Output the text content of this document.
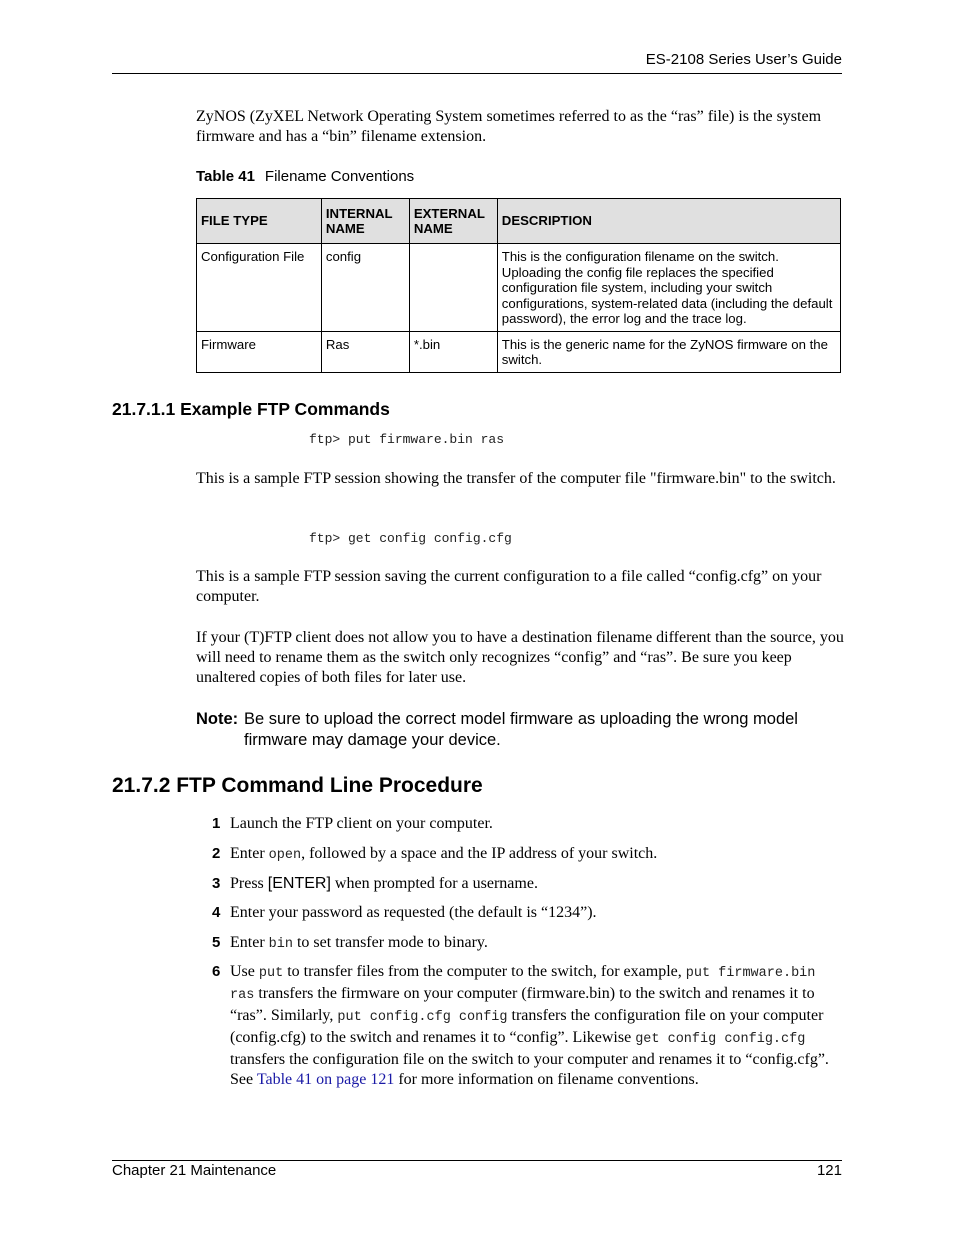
ES-2108 Series User’s Guide
ZyNOS (ZyXEL Network Operating System sometimes referred to as the “ras” file) is the system firmware and has a “bin” filename extension.
Table 41 Filename Conventions
FILE TYPE	INTERNAL NAME	EXTERNAL NAME	DESCRIPTION
Configuration File	config		This is the configuration filename on the switch. Uploading the config file replaces the specified configuration file system, including your switch configurations, system-related data (including the default password), the error log and the trace log.
Firmware	Ras	*.bin	This is the generic name for the ZyNOS firmware on the switch.
21.7.1.1 Example FTP Commands
ftp> put firmware.bin ras
This is a sample FTP session showing the transfer of the computer file "firmware.bin" to the switch.
ftp> get config config.cfg
This is a sample FTP session saving the current configuration to a file called “config.cfg” on your computer.
If your (T)FTP client does not allow you to have a destination filename different than the source, you will need to rename them as the switch only recognizes “config” and “ras”. Be sure you keep unaltered copies of both files for later use.
Note: Be sure to upload the correct model firmware as uploading the wrong model firmware may damage your device.
21.7.2 FTP Command Line Procedure
1 Launch the FTP client on your computer.
2 Enter open, followed by a space and the IP address of your switch.
3 Press [ENTER] when prompted for a username.
4 Enter your password as requested (the default is “1234”).
5 Enter bin to set transfer mode to binary.
6 Use put to transfer files from the computer to the switch, for example, put firmware.bin ras transfers the firmware on your computer (firmware.bin) to the switch and renames it to “ras”. Similarly, put config.cfg config transfers the configuration file on your computer (config.cfg) to the switch and renames it to “config”. Likewise get config config.cfg transfers the configuration file on the switch to your computer and renames it to “config.cfg”. See Table 41 on page 121 for more information on filename conventions.
Chapter 21 Maintenance	121
